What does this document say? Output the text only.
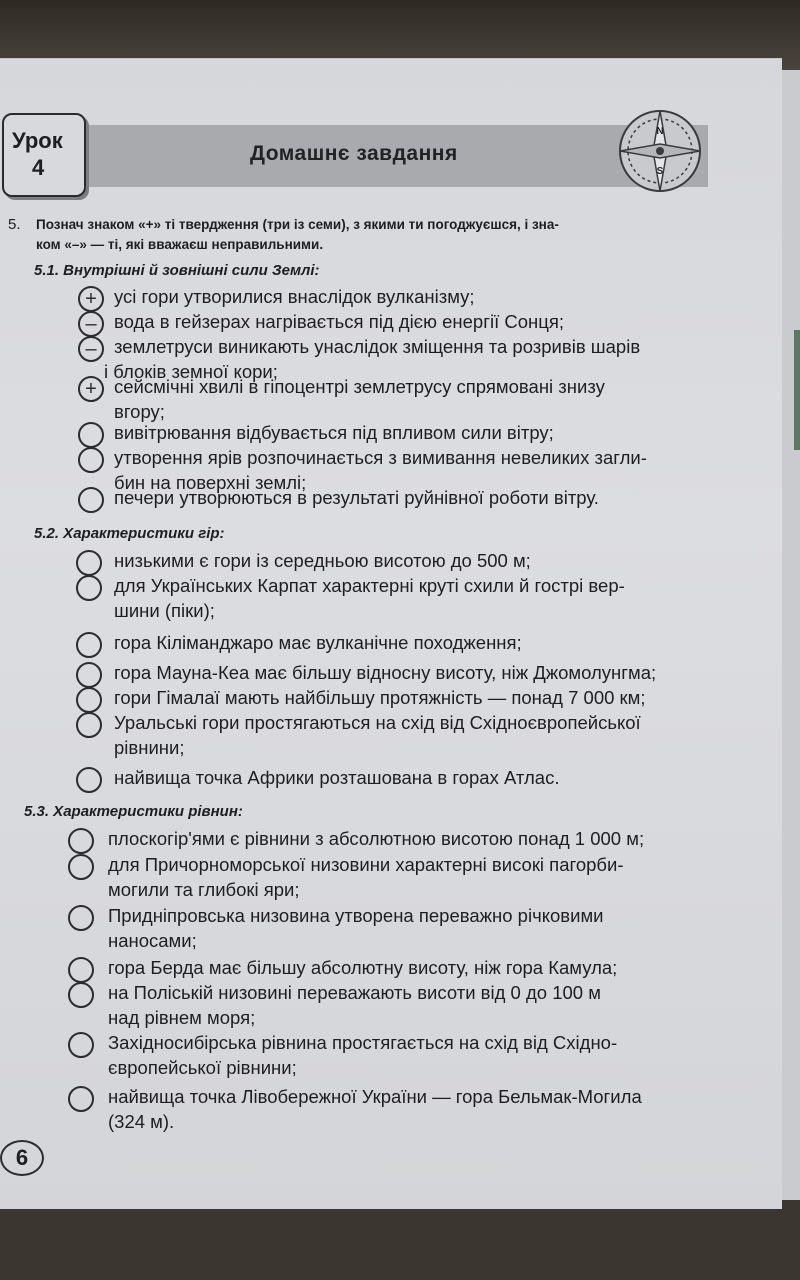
Урок
4
Домашнє завдання
N
S
5. Познач знаком «+» ті твердження (три із семи), з якими ти погоджуєшся, і зна-
ком «–» — ті, які вважаєш неправильними.
5.1. Внутрішні й зовнішні сили Землі:
+ усі гори утворилися внаслідок вулканізму;
– вода в гейзерах нагрівається під дією енергії Сонця;
– землетруси виникають унаслідок зміщення та розривів шарів
і блоків земної кори;
+ сейсмічні хвилі в гіпоцентрі землетрусу спрямовані знизу
вгору;
вивітрювання відбувається під впливом сили вітру;
утворення ярів розпочинається з вимивання невеликих загли-
бин на поверхні землі;
печери утворюються в результаті руйнівної роботи вітру.
5.2. Характеристики гір:
низькими є гори із середньою висотою до 500 м;
для Українських Карпат характерні круті схили й гострі вер-
шини (піки);
гора Кіліманджаро має вулканічне походження;
гора Мауна-Кеа має більшу відносну висоту, ніж Джомолунгма;
гори Гімалаї мають найбільшу протяжність — понад 7 000 км;
Уральські гори простягаються на схід від Східноєвропейської
рівнини;
найвища точка Африки розташована в горах Атлас.
5.3. Характеристики рівнин:
плоскогір'ями є рівнини з абсолютною висотою понад 1 000 м;
для Причорноморської низовини характерні високі пагорби-
могили та глибокі яри;
Придніпровська низовина утворена переважно річковими
наносами;
гора Берда має більшу абсолютну висоту, ніж гора Камула;
на Поліській низовині переважають висоти від 0 до 100 м
над рівнем моря;
Західносибірська рівнина простягається на схід від Східно-
європейської рівнини;
найвища точка Лівобережної України — гора Бельмак-Могила
(324 м).
6
